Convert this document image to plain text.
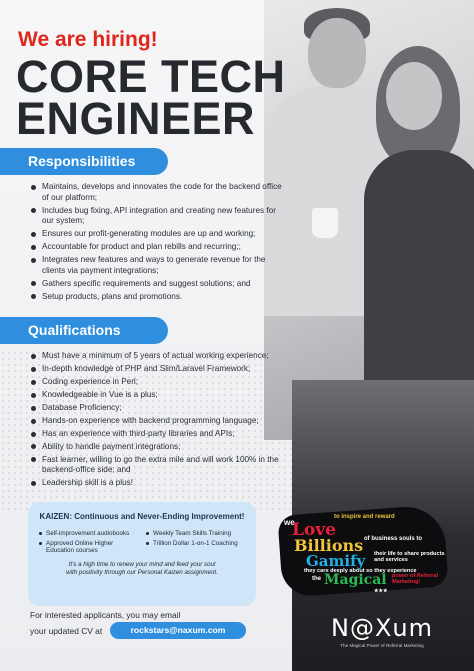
We are hiring!
CORE TECH
ENGINEER
Responsibilities
Maintains, develops and innovates the code for the backend office of our platform;
Includes bug fixing, API integration and creating new features for our system;
Ensures our profit-generating modules are up and working;
Accountable for product and plan rebills and recurring;;
Integrates new features and ways to generate revenue for the clients via payment integrations;
Gathers specific requirements and suggest solutions; and
Setup products, plans and promotions.
Qualifications
Must have a minimum of 5 years of actual working experience;
In-depth knowledge of PHP and Slim/Laravel Framework;
Coding experience in Perl;
Knowledgeable in Vue is a plus;
Database Proficiency;
Hands-on experience with backend programming language;
Has an experience with third-party libraries and APIs;
Ability to handle payment integrations;
Fast learner, willing to go the extra mile and will work 100% in the backend-office side; and
Leadership skill is a plus!
KAIZEN: Continuous and Never-Ending Improvement!
Self-improvement audiobooks
Approved Online Higher Education courses
Weekly Team Skills Training
Trillion Dollar 1-on-1 Coaching
It's a high time to renew your mind and feed your soul
with positivity through our Personal Kaizen assignment.
For interested applicants, you may email
your updated CV at	rockstars@naxum.com
we
Love
to inspire and reward
Billions of business souls to
Gamify their life to share products and services
they care deeply about so they experience
the Magical power of Referral Marketing!
★★★
N@Xum
The Magical Power of Referral Marketing
